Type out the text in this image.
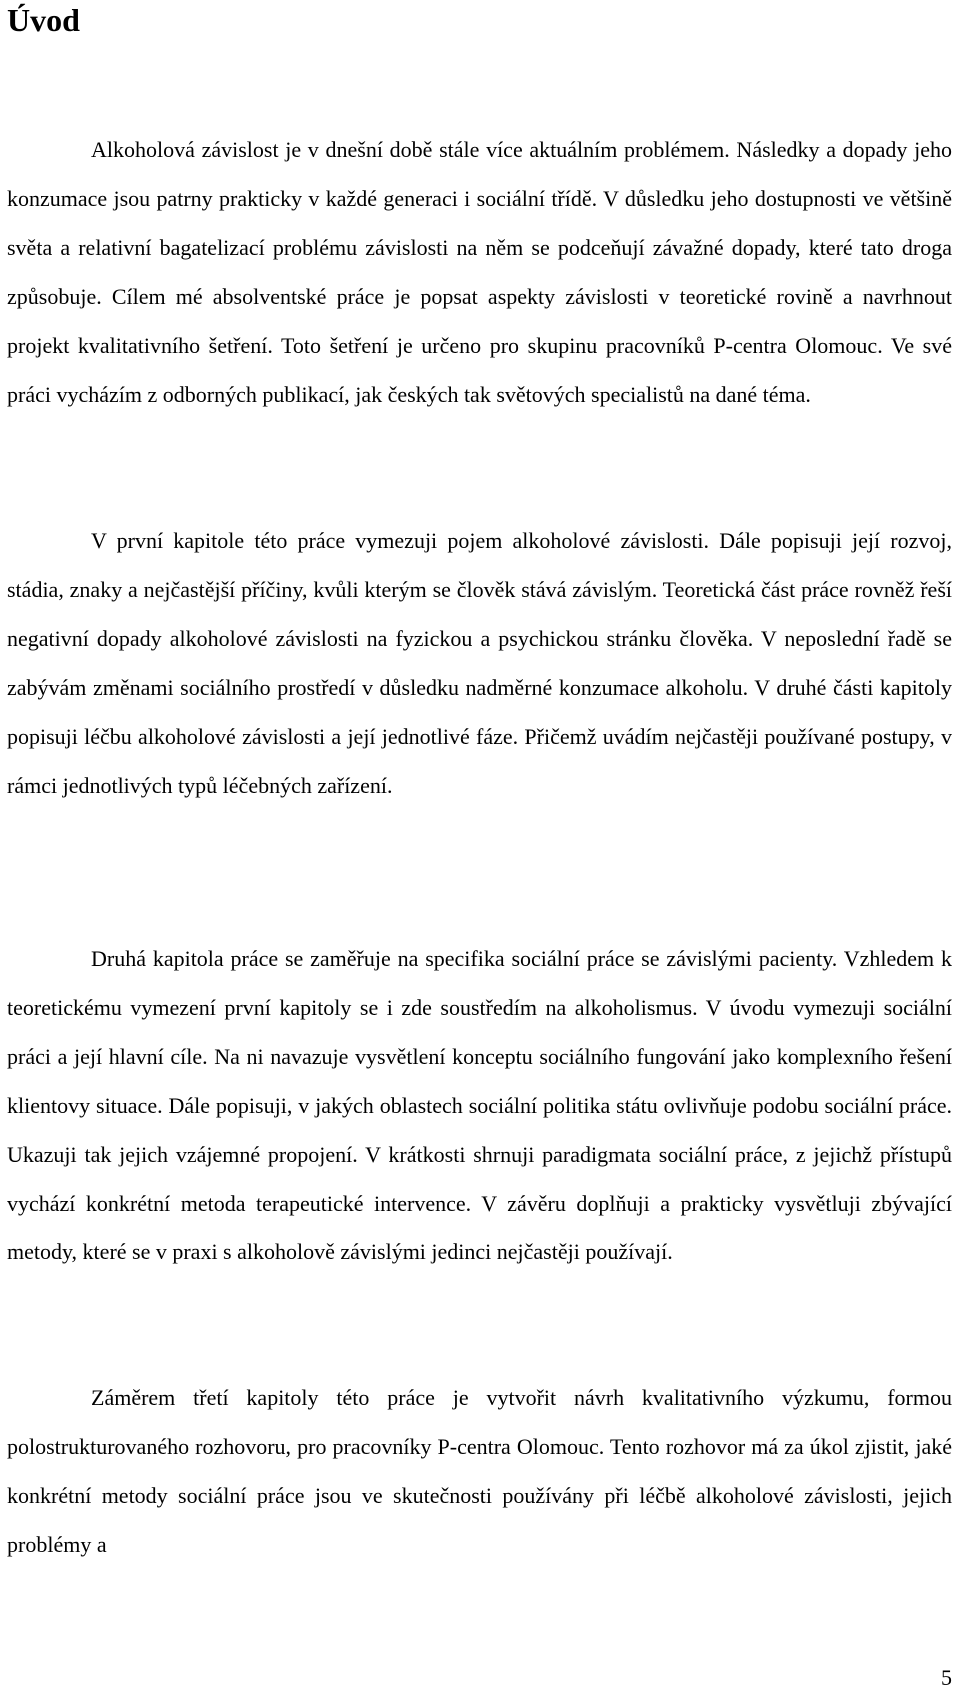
Úvod

Alkoholová závislost je v dnešní době stále více aktuálním problémem. Následky a dopady jeho konzumace jsou patrny prakticky v každé generaci i sociální třídě. V důsledku jeho dostupnosti ve většině světa a relativní bagatelizací problému závislosti na něm se podceňují závažné dopady, které tato droga způsobuje. Cílem mé absolventské práce je popsat aspekty závislosti v teoretické rovině a navrhnout projekt kvalitativního šetření. Toto šetření je určeno pro skupinu pracovníků P-centra Olomouc. Ve své práci vycházím z odborných publikací, jak českých tak světových specialistů na dané téma.

V první kapitole této práce vymezuji pojem alkoholové závislosti. Dále popisuji její rozvoj, stádia, znaky a nejčastější příčiny, kvůli kterým se člověk stává závislým. Teoretická část práce rovněž řeší negativní dopady alkoholové závislosti na fyzickou a psychickou stránku člověka. V neposlední řadě se zabývám změnami sociálního prostředí v důsledku nadměrné konzumace alkoholu. V druhé části kapitoly popisuji léčbu alkoholové závislosti a její jednotlivé fáze. Přičemž uvádím nejčastěji používané postupy, v rámci jednotlivých typů léčebných zařízení.

Druhá kapitola práce se zaměřuje na specifika sociální práce se závislými pacienty. Vzhledem k teoretickému vymezení první kapitoly se i zde soustředím na alkoholismus. V úvodu vymezuji sociální práci a její hlavní cíle. Na ni navazuje vysvětlení konceptu sociálního fungování jako komplexního řešení klientovy situace. Dále popisuji, v jakých oblastech sociální politika státu ovlivňuje podobu sociální práce. Ukazuji tak jejich vzájemné propojení. V krátkosti shrnuji paradigmata sociální práce, z jejichž přístupů vychází konkrétní metoda terapeutické intervence. V závěru doplňuji a prakticky vysvětluji zbývající metody, které se v praxi s alkoholově závislými jedinci nejčastěji používají.

Záměrem třetí kapitoly této práce je vytvořit návrh kvalitativního výzkumu, formou polostrukturovaného rozhovoru, pro pracovníky P-centra Olomouc. Tento rozhovor má za úkol zjistit, jaké konkrétní metody sociální práce jsou ve skutečnosti používány při léčbě alkoholové závislosti, jejich problémy a

5
